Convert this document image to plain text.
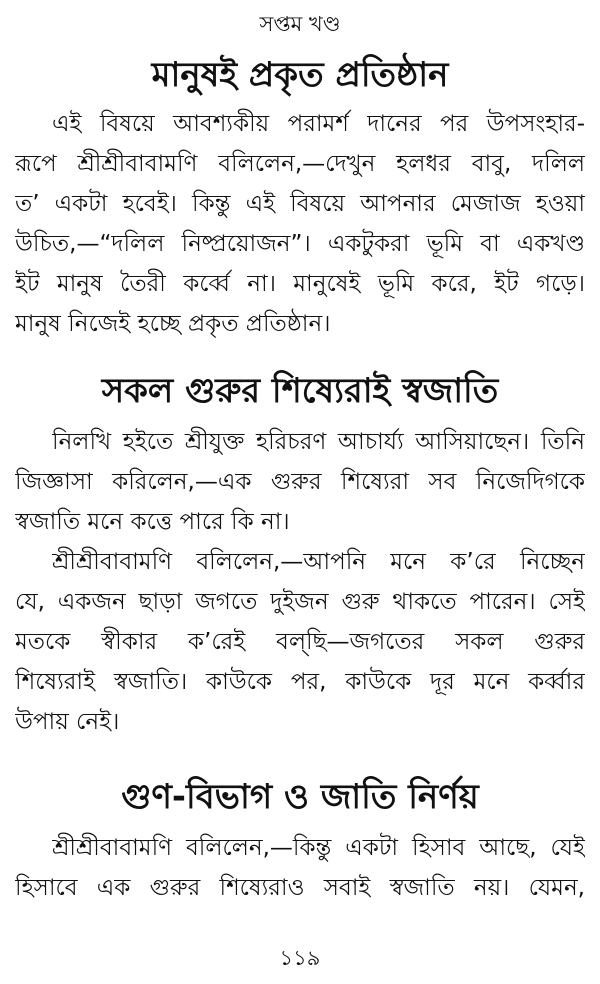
সপ্তম খণ্ড
মানুষই প্রকৃত প্রতিষ্ঠান
এই বিষয়ে আবশ্যকীয় পরামর্শ দানের পর উপসংহার-
রূপে শ্রীশ্রীবাবামণি বলিলেন,—দেখুন হলধর বাবু, দলিল
ত’ একটা হবেই। কিন্তু এই বিষয়ে আপনার মেজাজ হওয়া
উচিত,—“দলিল নিষ্প্রয়োজন”। একটুকরা ভূমি বা একখণ্ড
ইট মানুষ তৈরী কর্ব্বে না। মানুষেই ভূমি করে, ইট গড়ে।
মানুষ নিজেই হচ্ছে প্রকৃত প্রতিষ্ঠান।
সকল গুরুর শিষ্যেরাই স্বজাতি
নিলখি হইতে শ্রীযুক্ত হরিচরণ আচার্য্য আসিয়াছেন। তিনি
জিজ্ঞাসা করিলেন,—এক গুরুর শিষ্যেরা সব নিজেদিগকে
স্বজাতি মনে কত্তে পারে কি না।
শ্রীশ্রীবাবামণি বলিলেন,—আপনি মনে ক’রে নিচ্ছেন
যে, একজন ছাড়া জগতে দুইজন গুরু থাকতে পারেন। সেই
মতকে স্বীকার ক’রেই বল্‌ছি—জগতের সকল গুরুর
শিষ্যেরাই স্বজাতি। কাউকে পর, কাউকে দূর মনে কর্ব্বার
উপায় নেই।
গুণ-বিভাগ ও জাতি নির্ণয়
শ্রীশ্রীবাবামণি বলিলেন,—কিন্তু একটা হিসাব আছে, যেই
হিসাবে এক গুরুর শিষ্যেরাও সবাই স্বজাতি নয়। যেমন,
১১৯
